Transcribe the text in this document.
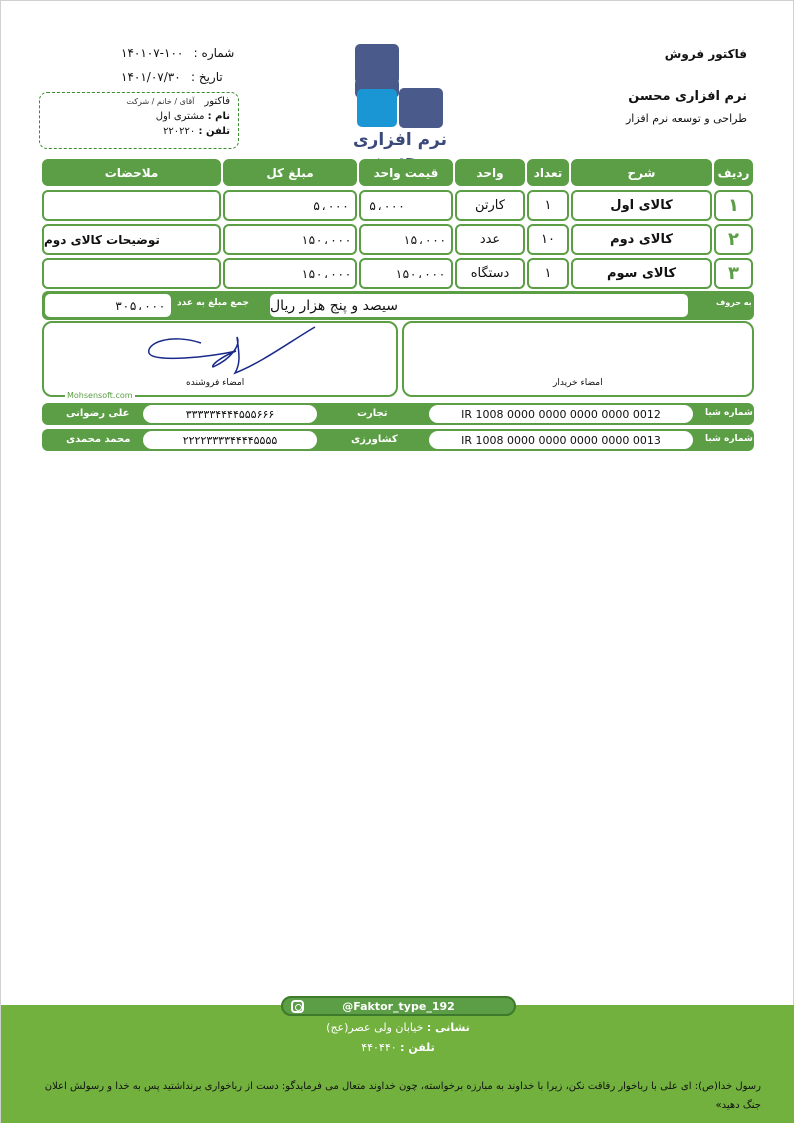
فاکتور فروش
نرم افزاری محسن
طراحی و توسعه نرم افزار
۱۴۰۱۰۷-۱۰۰ شماره :
۱۴۰۱/۰۷/۳۰ تاریخ :
فاکتور
آقای / خانم / شرکت
نام : مشتری اول
تلفن : ۲۲۰۲۲۰	نرم افزاری
ردیف
شرح
تعداد
واحد
قیمت واحد
مبلغ کل
ملاحضات
۱
کالای اول
۱
کارتن
۵،۰۰۰
۵،۰۰۰
۲
کالای دوم
۱۰
عدد
۱۵،۰۰۰
۱۵۰،۰۰۰
توضیحات کالای دوم
۳
کالای سوم
۱
دستگاه
۱۵۰،۰۰۰
۱۵۰،۰۰۰
مبلغ به حروف
سیصد و پنج هزار ریال
جمع مبلغ به عدد
۳۰۵،۰۰۰
امضاء خریدار
امضاء فروشنده
Mohsensoft.com
شماره شبا
IR 1008 0000 0000 0000 0000 0012
تجارت
۳۳۳۳۳۴۴۴۴۵۵۵۶۶۶
علی رضوانی
شماره شبا
IR 1008 0000 0000 0000 0000 0013
کشاورزی
۲۲۲۲۳۳۳۳۴۴۴۴۵۵۵۵
محمد محمدی
@Faktor_type_192
نشانی : خیابان ولی عصر(عج)
تلفن : ۴۴۰۴۴۰
رسول خدا(ص): ای علی با رباخوار رفاقت نکن، زیرا با خداوند به مبارزه برخواسته، چون خداوند متعال می فرمایدگو: دست از رباخواری برنداشتید پس به خدا و رسولش اعلان جنگ دهید»
